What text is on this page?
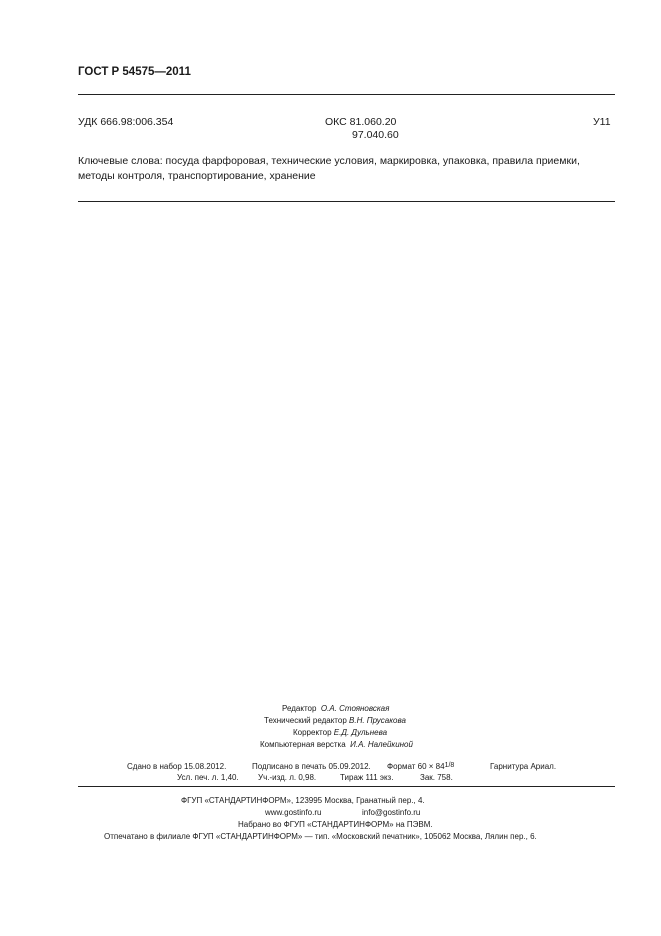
ГОСТ Р 54575—2011
УДК 666.98:006.354	ОКС 81.060.20
97.040.60
У11
Ключевые слова: посуда фарфоровая, технические условия, маркировка, упаковка, правила приемки, методы контроля, транспортирование, хранение
Редактор О.А. Стояновская
Технический редактор В.Н. Прусакова
Корректор Е.Д. Дульнева
Компьютерная верстка И.А. Налейкиной
Сдано в набор 15.08.2012.	Подписано в печать 05.09.2012. Формат 60 × 841/8	Гарнитура Ариал.
Усл. печ. л. 1,40. Уч.-изд. л. 0,98.	Тираж 111 экз.	Зак. 758.
ФГУП «СТАНДАРТИНФОРМ», 123995 Москва, Гранатный пер., 4.
www.gostinfo.ru	info@gostinfo.ru
Набрано во ФГУП «СТАНДАРТИНФОРМ» на ПЭВМ.
Отпечатано в филиале ФГУП «СТАНДАРТИНФОРМ» — тип. «Московский печатник», 105062 Москва, Лялин пер., 6.
